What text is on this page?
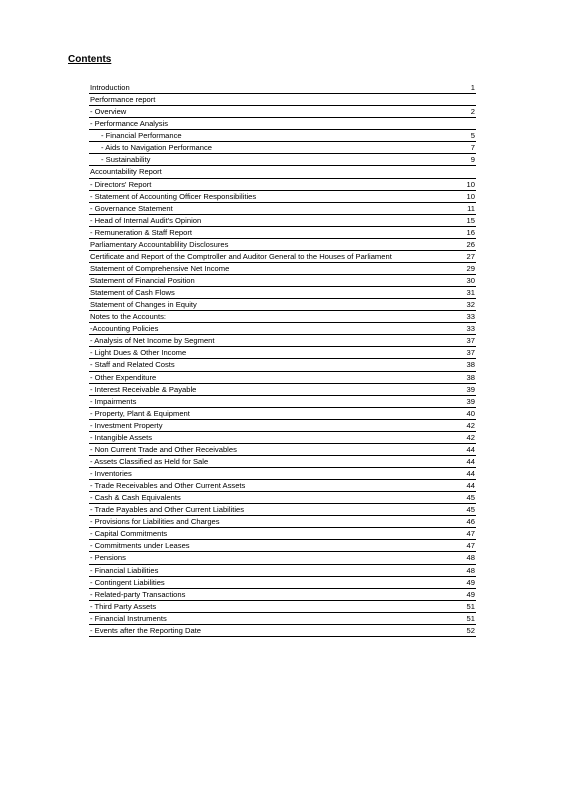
Contents
Introduction	1
Performance report	
- Overview	2
- Performance Analysis	
- Financial Performance	5
- Aids to Navigation Performance	7
- Sustainability	9
Accountability Report	
- Directors' Report	10
- Statement of Accounting Officer Responsibilities	10
- Governance Statement	11
- Head of Internal Audit's Opinion	15
- Remuneration & Staff Report	16
Parliamentary Accountablility Disclosures	26
Certificate and Report of the Comptroller and Auditor General to the Houses of Parliament	27
Statement of Comprehensive Net Income	29
Statement of Financial Position	30
Statement of Cash Flows	31
Statement of Changes in Equity	32
Notes to the Accounts:	33
-Accounting Policies	33
- Analysis of Net Income by Segment	37
- Light Dues & Other Income	37
- Staff and Related Costs	38
- Other Expenditure	38
- Interest Receivable & Payable	39
- Impairments	39
- Property, Plant & Equipment	40
- Investment Property	42
- Intangible Assets	42
- Non Current Trade and Other Receivables	44
- Assets Classified as Held for Sale	44
- Inventories	44
- Trade Receivables and Other Current Assets	44
- Cash & Cash Equivalents	45
- Trade Payables and Other Current Liabilities	45
- Provisions for Liabilities and Charges	46
- Capital Commitments	47
- Commitments under Leases	47
- Pensions	48
- Financial Liabilities	48
- Contingent Liabilities	49
- Related-party Transactions	49
- Third Party Assets	51
- Financial Instruments	51
- Events after the Reporting Date	52
